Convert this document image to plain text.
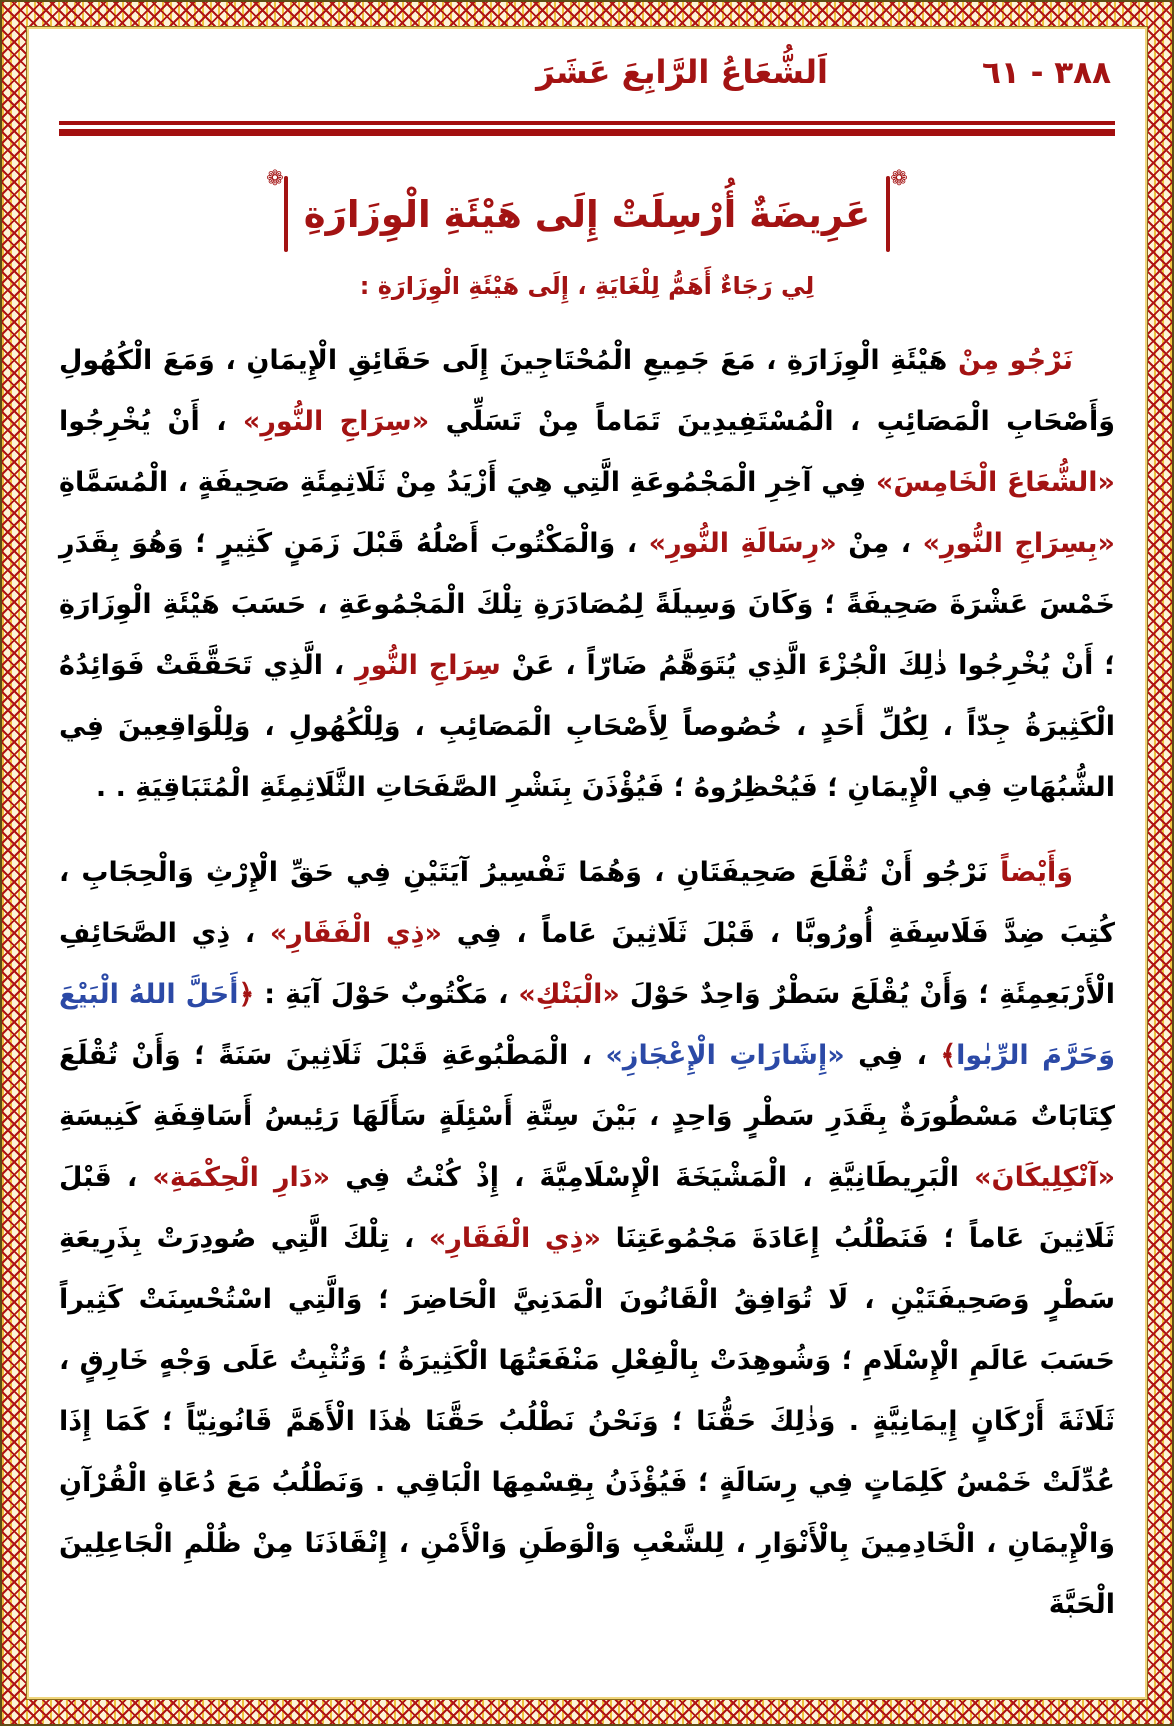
اَلشُّعَاعُ الرَّابِعَ عَشَرَ	٣٨٨ - ٦١
❁
عَرِيضَةٌ أُرْسِلَتْ إِلَى هَيْئَةِ الْوِزَارَةِ
❁
لِي رَجَاءٌ أَهَمُّ لِلْغَايَةِ ، إِلَى هَيْئَةِ الْوِزَارَةِ :

نَرْجُو مِنْ هَيْئَةِ الْوِزَارَةِ ، مَعَ جَمِيعِ الْمُحْتَاجِينَ إِلَى حَقَائِقِ الْإِيمَانِ ، وَمَعَ الْكُهُولِ وَأَصْحَابِ الْمَصَائِبِ ، الْمُسْتَفِيدِينَ تَمَاماً مِنْ تَسَلِّي «سِرَاجِ النُّورِ» ، أَنْ يُخْرِجُوا «الشُّعَاعَ الْخَامِسَ» فِي آخِرِ الْمَجْمُوعَةِ الَّتِي هِيَ أَزْيَدُ مِنْ ثَلَاثِمِئَةِ صَحِيفَةٍ ، الْمُسَمَّاةِ «بِسِرَاجِ النُّورِ» ، مِنْ «رِسَالَةِ النُّورِ» ، وَالْمَكْتُوبَ أَصْلُهُ قَبْلَ زَمَنٍ كَثِيرٍ ؛ وَهُوَ بِقَدَرِ خَمْسَ عَشْرَةَ صَحِيفَةً ؛ وَكَانَ وَسِيلَةً لِمُصَادَرَةِ تِلْكَ الْمَجْمُوعَةِ ، حَسَبَ هَيْئَةِ الْوِزَارَةِ ؛ أَنْ يُخْرِجُوا ذٰلِكَ الْجُزْءَ الَّذِي يُتَوَهَّمُ ضَارّاً ، عَنْ سِرَاجِ النُّورِ ، الَّذِي تَحَقَّقَتْ فَوَائِدُهُ الْكَثِيرَةُ جِدّاً ، لِكُلِّ أَحَدٍ ، خُصُوصاً لِأَصْحَابِ الْمَصَائِبِ ، وَلِلْكُهُولِ ، وَلِلْوَاقِعِينَ فِي الشُّبُهَاتِ فِي الْإِيمَانِ ؛ فَيُحْظِرُوهُ ؛ فَيُؤْذَنَ بِنَشْرِ الصَّفَحَاتِ الثَّلَاثِمِئَةِ الْمُتَبَاقِيَةِ . .

وَأَيْضاً نَرْجُو أَنْ تُقْلَعَ صَحِيفَتَانِ ، وَهُمَا تَفْسِيرُ آيَتَيْنِ فِي حَقِّ الْإِرْثِ وَالْحِجَابِ ، كُتِبَ ضِدَّ فَلَاسِفَةِ أُورُوبَّا ، قَبْلَ ثَلَاثِينَ عَاماً ، فِي «ذِي الْفَقَارِ» ، ذِي الصَّحَائِفِ الْأَرْبَعِمِئَةِ ؛ وَأَنْ يُقْلَعَ سَطْرٌ وَاحِدٌ حَوْلَ «الْبَنْكِ» ، مَكْتُوبٌ حَوْلَ آيَةِ : ﴿أَحَلَّ اللهُ الْبَيْعَ وَحَرَّمَ الرِّبٰوا﴾ ، فِي «إِشَارَاتِ الْإِعْجَازِ» ، الْمَطْبُوعَةِ قَبْلَ ثَلَاثِينَ سَنَةً ؛ وَأَنْ تُقْلَعَ كِتَابَاتٌ مَسْطُورَةٌ بِقَدَرِ سَطْرٍ وَاحِدٍ ، بَيْنَ سِتَّةِ أَسْئِلَةٍ سَأَلَهَا رَئِيسُ أَسَاقِفَةِ كَنِيسَةِ «آنْكِلِيكَانَ» الْبَرِيطَانِيَّةِ ، الْمَشْيَخَةَ الْإِسْلَامِيَّةَ ، إِذْ كُنْتُ فِي «دَارِ الْحِكْمَةِ» ، قَبْلَ ثَلَاثِينَ عَاماً ؛ فَنَطْلُبُ إِعَادَةَ مَجْمُوعَتِنَا «ذِي الْفَقَارِ» ، تِلْكَ الَّتِي صُودِرَتْ بِذَرِيعَةِ سَطْرٍ وَصَحِيفَتَيْنِ ، لَا تُوَافِقُ الْقَانُونَ الْمَدَنِيَّ الْحَاضِرَ ؛ وَالَّتِي اسْتُحْسِنَتْ كَثِيراً حَسَبَ عَالَمِ الْإِسْلَامِ ؛ وَشُوهِدَتْ بِالْفِعْلِ مَنْفَعَتُهَا الْكَثِيرَةُ ؛ وَتُثْبِتُ عَلَى وَجْهٍ خَارِقٍ ، ثَلَاثَةَ أَرْكَانٍ إِيمَانِيَّةٍ . وَذٰلِكَ حَقُّنَا ؛ وَنَحْنُ نَطْلُبُ حَقَّنَا هٰذَا الْأَهَمَّ قَانُونِيّاً ؛ كَمَا إِذَا عُدِّلَتْ خَمْسُ كَلِمَاتٍ فِي رِسَالَةٍ ؛ فَيُؤْذَنُ بِقِسْمِهَا الْبَاقِي . وَنَطْلُبُ مَعَ دُعَاةِ الْقُرْآنِ وَالْإِيمَانِ ، الْخَادِمِينَ بِالْأَنْوَارِ ، لِلشَّعْبِ وَالْوَطَنِ وَالْأَمْنِ ، إِنْقَاذَنَا مِنْ ظُلْمِ الْجَاعِلِينَ الْحَبَّةَ
